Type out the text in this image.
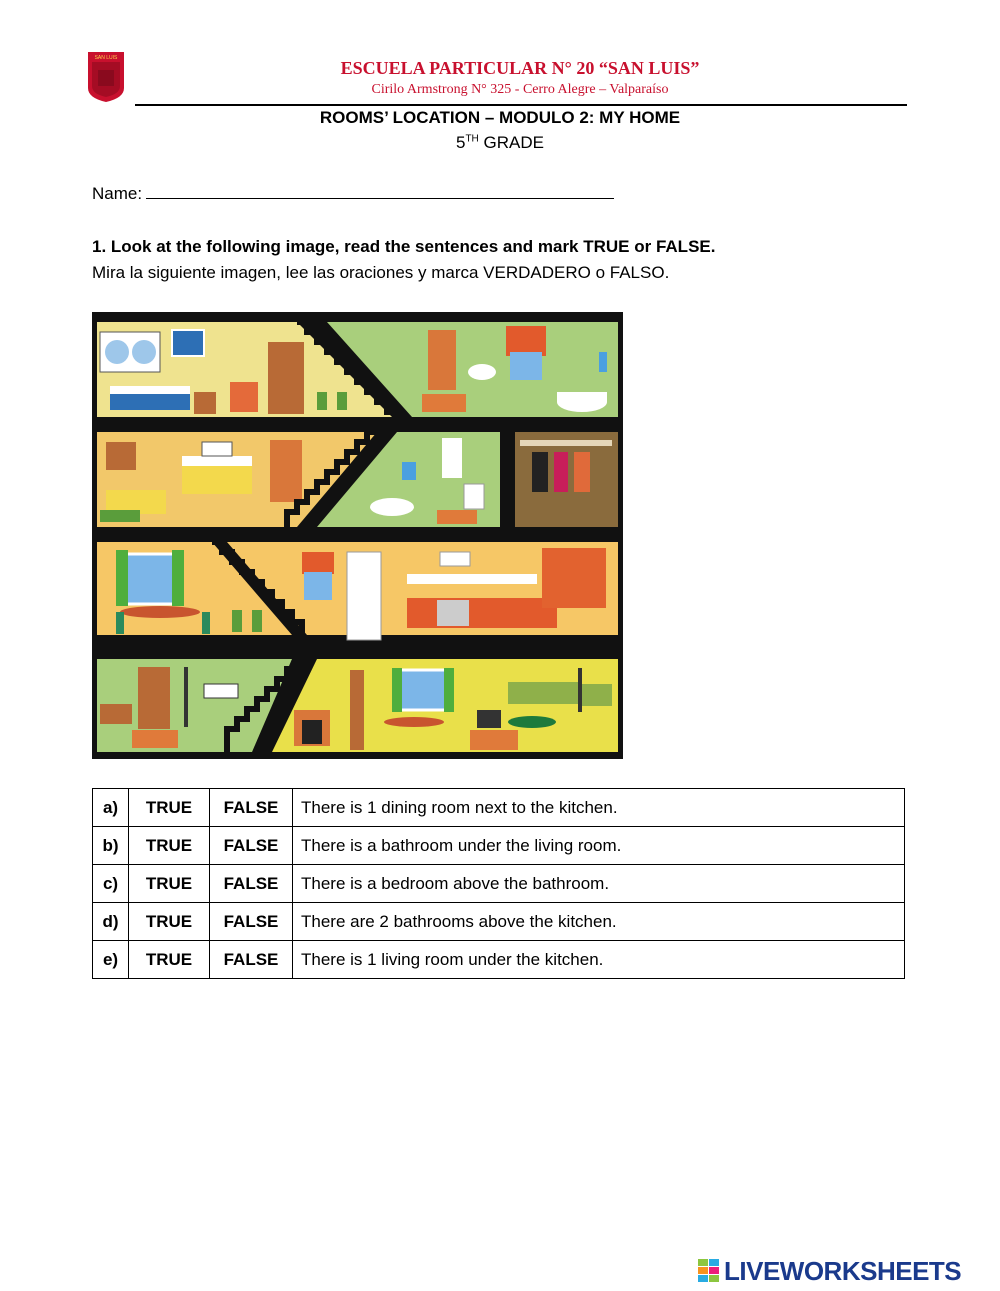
SAN LUIS	ESCUELA PARTICULAR N° 20 “SAN LUIS”
Cirilo Armstrong N° 325 - Cerro Alegre – Valparaíso
ROOMS’ LOCATION – MODULO 2: MY HOME
5TH GRADE
Name:
1. Look at the following image, read the sentences and mark TRUE or FALSE.
Mira la siguiente imagen, lee las oraciones y marca VERDADERO o FALSO.
a)	TRUE	FALSE	There is 1 dining room next to the kitchen.
b)	TRUE	FALSE	There is a bathroom under the living room.
c)	TRUE	FALSE	There is a bedroom above the bathroom.
d)	TRUE	FALSE	There are 2 bathrooms above the kitchen.
e)	TRUE	FALSE	There is 1 living room under the kitchen.
LIVEWORKSHEETS
